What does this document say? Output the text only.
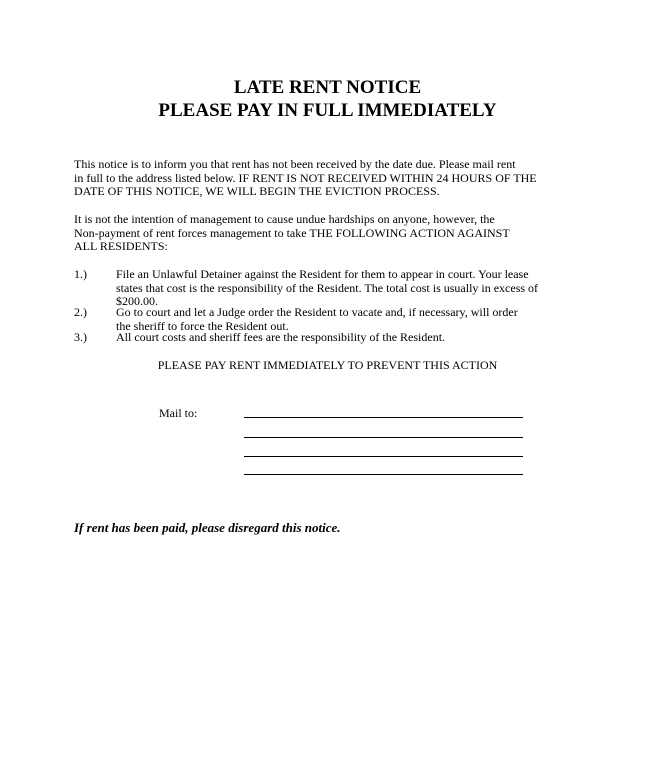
LATE RENT NOTICE
PLEASE PAY IN FULL IMMEDIATELY

This notice is to inform you that rent has not been received by the date due. Please mail rent
in full to the address listed below. IF RENT IS NOT RECEIVED WITHIN 24 HOURS OF THE
DATE OF THIS NOTICE, WE WILL BEGIN THE EVICTION PROCESS.

It is not the intention of management to cause undue hardships on anyone, however, the
Non-payment of rent forces management to take THE FOLLOWING ACTION AGAINST
ALL RESIDENTS:

1.) File an Unlawful Detainer against the Resident for them to appear in court. Your lease
states that cost is the responsibility of the Resident. The total cost is usually in excess of
$200.00.
2.) Go to court and let a Judge order the Resident to vacate and, if necessary, will order
the sheriff to force the Resident out.
3.) All court costs and sheriff fees are the responsibility of the Resident.
PLEASE PAY RENT IMMEDIATELY TO PREVENT THIS ACTION
Mail to:
If rent has been paid, please disregard this notice.
